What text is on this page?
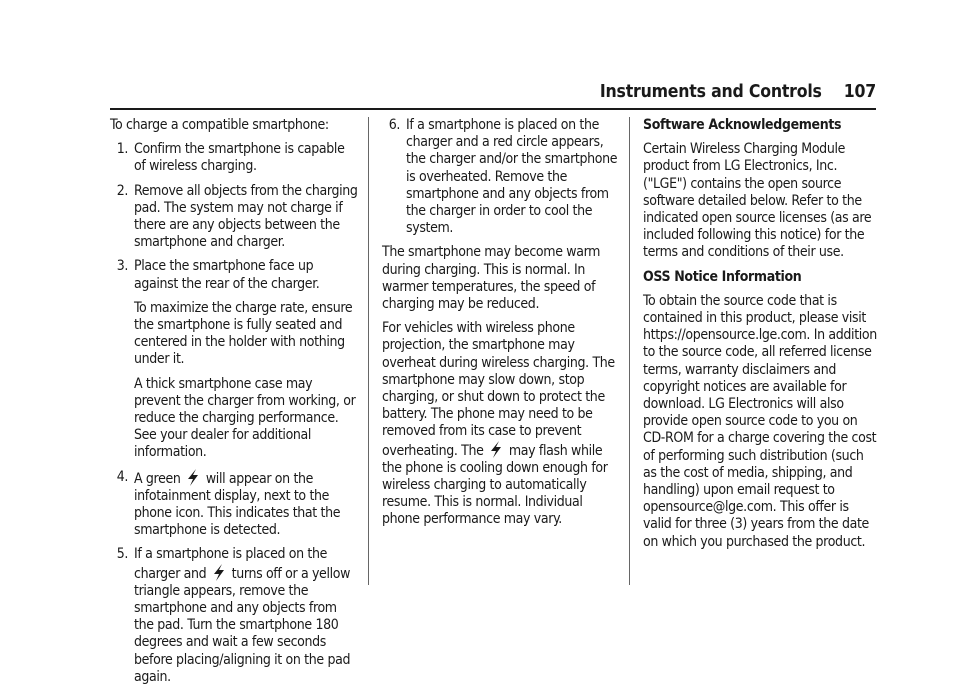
Instruments and Controls 107

To charge a compatible smartphone:

1. Confirm the smartphone is capable of wireless charging.

2. Remove all objects from the charging pad. The system may not charge if there are any objects between the smartphone and charger.

3. Place the smartphone face up against the rear of the charger.

To maximize the charge rate, ensure the smartphone is fully seated and centered in the holder with nothing under it.

A thick smartphone case may prevent the charger from working, or reduce the charging performance. See your dealer for additional information.

4. A green will appear on the infotainment display, next to the phone icon. This indicates that the smartphone is detected.

5. If a smartphone is placed on the charger and turns off or a yellow triangle appears, remove the smartphone and any objects from the pad. Turn the smartphone 180 degrees and wait a few seconds before placing/aligning it on the pad again.

6. If a smartphone is placed on the charger and a red circle appears, the charger and/or the smartphone is overheated. Remove the smartphone and any objects from the charger in order to cool the system.

The smartphone may become warm during charging. This is normal. In warmer temperatures, the speed of charging may be reduced.

For vehicles with wireless phone projection, the smartphone may overheat during wireless charging. The smartphone may slow down, stop charging, or shut down to protect the battery. The phone may need to be removed from its case to prevent overheating. The may flash while the phone is cooling down enough for wireless charging to automatically resume. This is normal. Individual phone performance may vary.

Software Acknowledgements

Certain Wireless Charging Module product from LG Electronics, Inc. ("LGE") contains the open source software detailed below. Refer to the indicated open source licenses (as are included following this notice) for the terms and conditions of their use.

OSS Notice Information

To obtain the source code that is contained in this product, please visit https://opensource.lge.com. In addition to the source code, all referred license terms, warranty disclaimers and copyright notices are available for download. LG Electronics will also provide open source code to you on CD-ROM for a charge covering the cost of performing such distribution (such as the cost of media, shipping, and handling) upon email request to opensource@lge.com. This offer is valid for three (3) years from the date on which you purchased the product.
